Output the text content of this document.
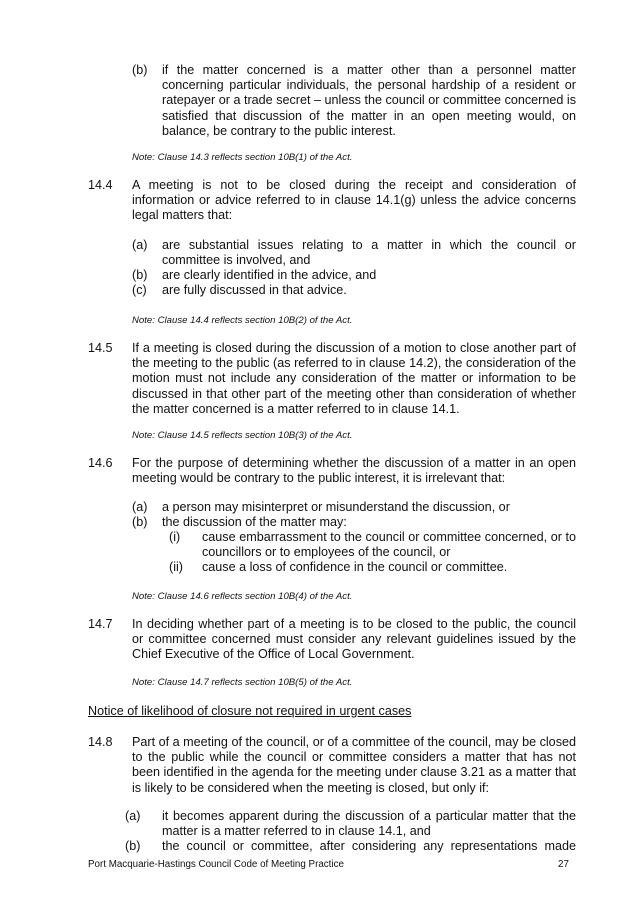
(b) if the matter concerned is a matter other than a personnel matter concerning particular individuals, the personal hardship of a resident or ratepayer or a trade secret – unless the council or committee concerned is satisfied that discussion of the matter in an open meeting would, on balance, be contrary to the public interest.
Note: Clause 14.3 reflects section 10B(1) of the Act.
14.4 A meeting is not to be closed during the receipt and consideration of information or advice referred to in clause 14.1(g) unless the advice concerns legal matters that:
(a) are substantial issues relating to a matter in which the council or committee is involved, and
(b) are clearly identified in the advice, and
(c) are fully discussed in that advice.
Note: Clause 14.4 reflects section 10B(2) of the Act.
14.5 If a meeting is closed during the discussion of a motion to close another part of the meeting to the public (as referred to in clause 14.2), the consideration of the motion must not include any consideration of the matter or information to be discussed in that other part of the meeting other than consideration of whether the matter concerned is a matter referred to in clause 14.1.
Note: Clause 14.5 reflects section 10B(3) of the Act.
14.6 For the purpose of determining whether the discussion of a matter in an open meeting would be contrary to the public interest, it is irrelevant that:
(a) a person may misinterpret or misunderstand the discussion, or
(b) the discussion of the matter may:
(i) cause embarrassment to the council or committee concerned, or to councillors or to employees of the council, or
(ii) cause a loss of confidence in the council or committee.
Note: Clause 14.6 reflects section 10B(4) of the Act.
14.7 In deciding whether part of a meeting is to be closed to the public, the council or committee concerned must consider any relevant guidelines issued by the Chief Executive of the Office of Local Government.
Note: Clause 14.7 reflects section 10B(5) of the Act.
Notice of likelihood of closure not required in urgent cases
14.8 Part of a meeting of the council, or of a committee of the council, may be closed to the public while the council or committee considers a matter that has not been identified in the agenda for the meeting under clause 3.21 as a matter that is likely to be considered when the meeting is closed, but only if:
(a) it becomes apparent during the discussion of a particular matter that the matter is a matter referred to in clause 14.1, and
(b) the council or committee, after considering any representations made
Port Macquarie-Hastings Council Code of Meeting Practice	27
